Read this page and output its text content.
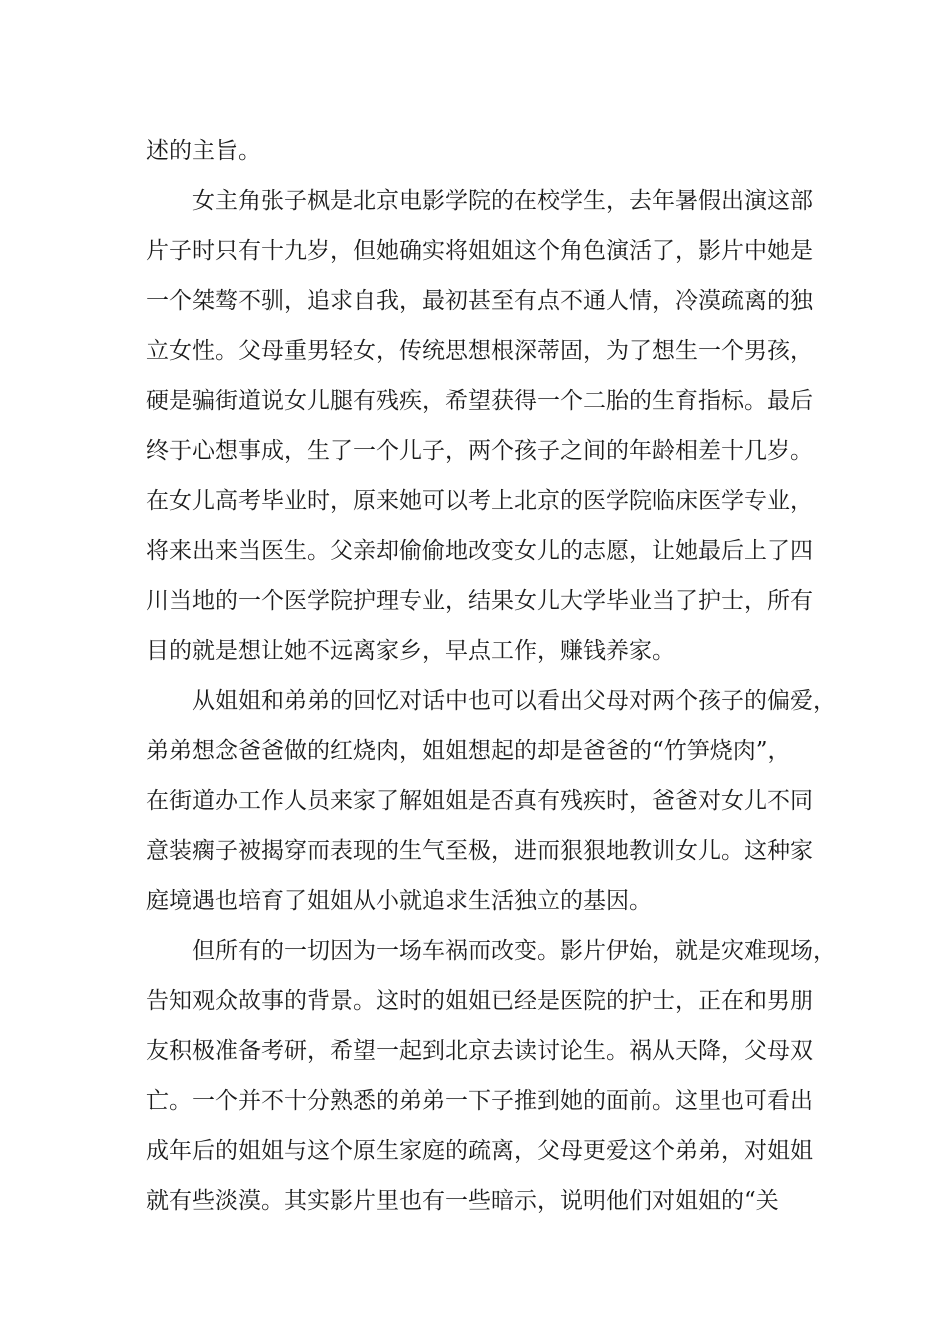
述的主旨。
女主角张子枫是北京电影学院的在校学生，去年暑假出演这部
片子时只有十九岁，但她确实将姐姐这个角色演活了，影片中她是
一个桀骜不驯，追求自我，最初甚至有点不通人情，冷漠疏离的独
立女性。父母重男轻女，传统思想根深蒂固，为了想生一个男孩，
硬是骗街道说女儿腿有残疾，希望获得一个二胎的生育指标。最后
终于心想事成，生了一个儿子，两个孩子之间的年龄相差十几岁。
在女儿高考毕业时，原来她可以考上北京的医学院临床医学专业，
将来出来当医生。父亲却偷偷地改变女儿的志愿，让她最后上了四
川当地的一个医学院护理专业，结果女儿大学毕业当了护士，所有
目的就是想让她不远离家乡，早点工作，赚钱养家。
从姐姐和弟弟的回忆对话中也可以看出父母对两个孩子的偏爱，
弟弟想念爸爸做的红烧肉，姐姐想起的却是爸爸的“竹笋烧肉”，
在街道办工作人员来家了解姐姐是否真有残疾时，爸爸对女儿不同
意装瘸子被揭穿而表现的生气至极，进而狠狠地教训女儿。这种家
庭境遇也培育了姐姐从小就追求生活独立的基因。
但所有的一切因为一场车祸而改变。影片伊始，就是灾难现场，
告知观众故事的背景。这时的姐姐已经是医院的护士，正在和男朋
友积极准备考研，希望一起到北京去读讨论生。祸从天降，父母双
亡。一个并不十分熟悉的弟弟一下子推到她的面前。这里也可看出
成年后的姐姐与这个原生家庭的疏离，父母更爱这个弟弟，对姐姐
就有些淡漠。其实影片里也有一些暗示，说明他们对姐姐的“关
